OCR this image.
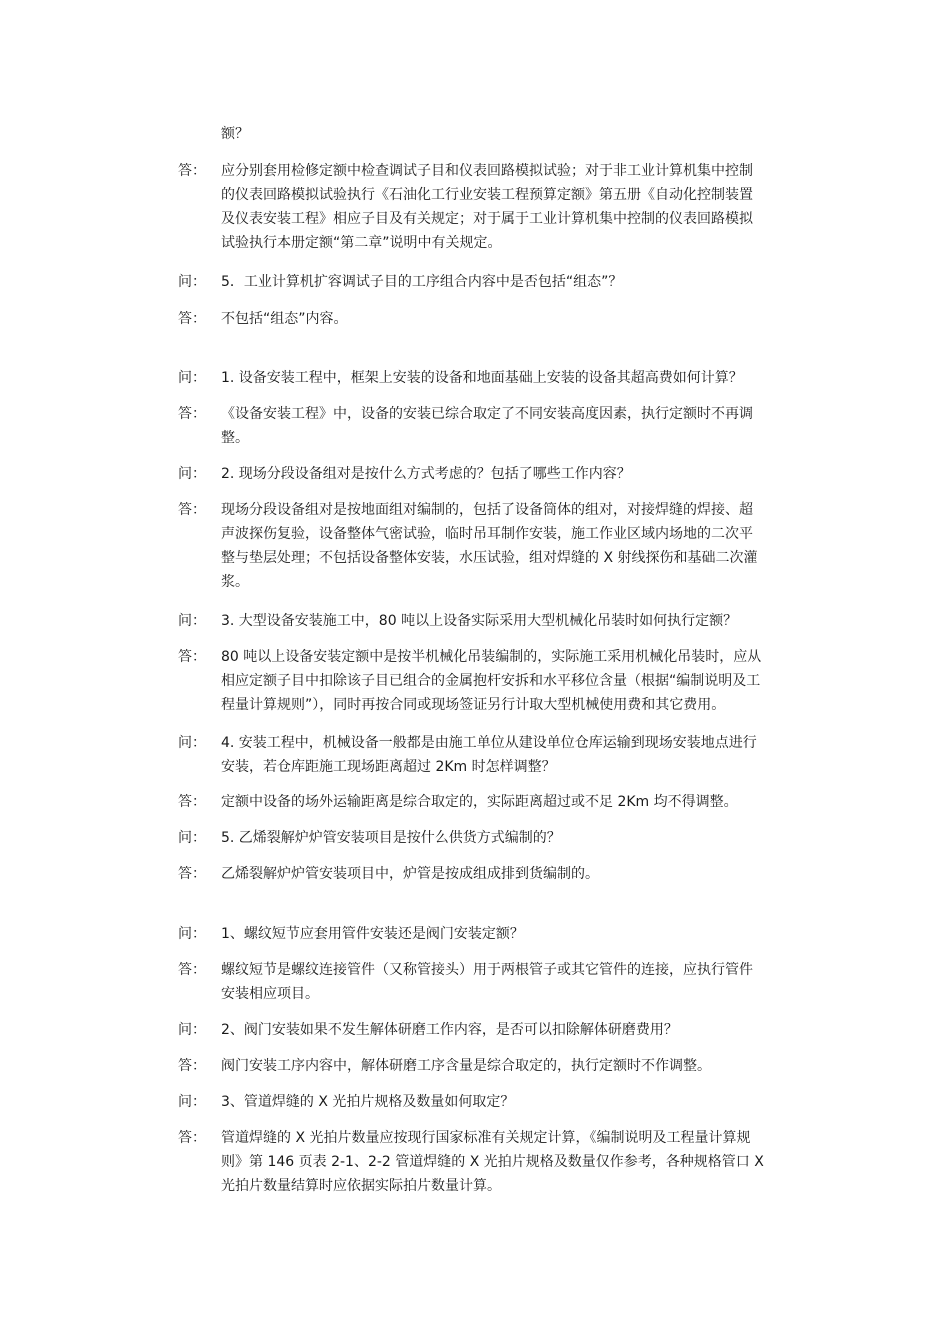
额？
答：	应分别套用检修定额中检查调试子目和仪表回路模拟试验；对于非工业计算机集中控制
的仪表回路模拟试验执行《石油化工行业安装工程预算定额》第五册《自动化控制装置
及仪表安装工程》相应子目及有关规定；对于属于工业计算机集中控制的仪表回路模拟
试验执行本册定额“第二章”说明中有关规定。
问：	5．工业计算机扩容调试子目的工序组合内容中是否包括“组态”？
答：	不包括“组态”内容。
问：	1. 设备安装工程中，框架上安装的设备和地面基础上安装的设备其超高费如何计算？
答：	《设备安装工程》中，设备的安装已综合取定了不同安装高度因素，执行定额时不再调
整。
问：	2. 现场分段设备组对是按什么方式考虑的？包括了哪些工作内容？
答：	现场分段设备组对是按地面组对编制的，包括了设备筒体的组对，对接焊缝的焊接、超
声波探伤复验，设备整体气密试验，临时吊耳制作安装，施工作业区域内场地的二次平
整与垫层处理；不包括设备整体安装，水压试验，组对焊缝的 X 射线探伤和基础二次灌
浆。
问：	3. 大型设备安装施工中，80 吨以上设备实际采用大型机械化吊装时如何执行定额？
答：	80 吨以上设备安装定额中是按半机械化吊装编制的，实际施工采用机械化吊装时，应从
相应定额子目中扣除该子目已组合的金属抱杆安拆和水平移位含量（根据“编制说明及工
程量计算规则”），同时再按合同或现场签证另行计取大型机械使用费和其它费用。
问：	4. 安装工程中，机械设备一般都是由施工单位从建设单位仓库运输到现场安装地点进行
安装，若仓库距施工现场距离超过 2Km 时怎样调整？
答：	定额中设备的场外运输距离是综合取定的，实际距离超过或不足 2Km 均不得调整。
问：	5. 乙烯裂解炉炉管安装项目是按什么供货方式编制的？
答：	乙烯裂解炉炉管安装项目中，炉管是按成组成排到货编制的。
问：	1、螺纹短节应套用管件安装还是阀门安装定额？
答：	螺纹短节是螺纹连接管件（又称管接头）用于两根管子或其它管件的连接，应执行管件
安装相应项目。
问：	2、阀门安装如果不发生解体研磨工作内容，是否可以扣除解体研磨费用？
答：	阀门安装工序内容中，解体研磨工序含量是综合取定的，执行定额时不作调整。
问：	3、管道焊缝的 X 光拍片规格及数量如何取定？
答：	管道焊缝的 X 光拍片数量应按现行国家标准有关规定计算，《编制说明及工程量计算规
则》第 146 页表 2-1、2-2 管道焊缝的 X 光拍片规格及数量仅作参考，各种规格管口 X
光拍片数量结算时应依据实际拍片数量计算。
